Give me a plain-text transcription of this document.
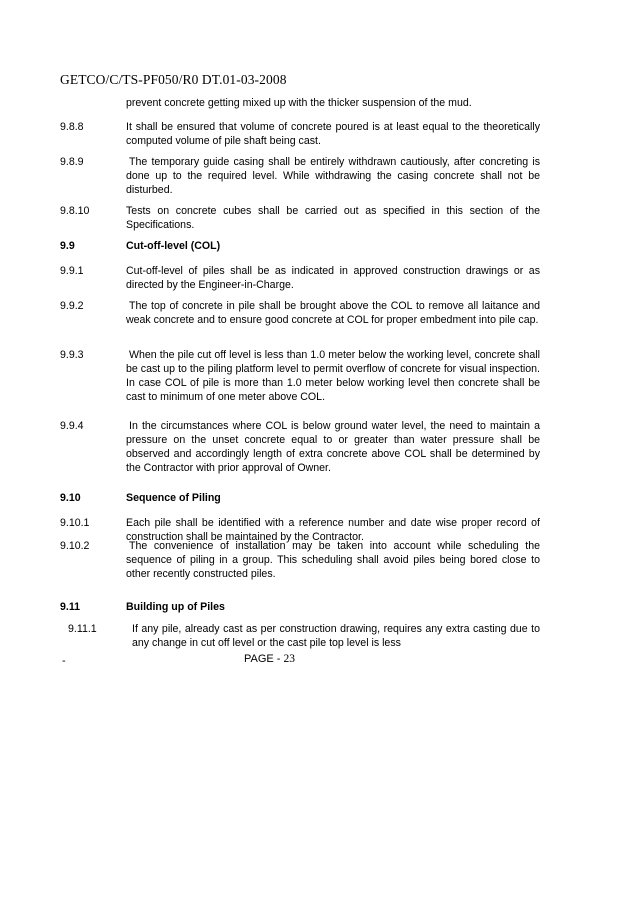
GETCO/C/TS-PF050/R0 DT.01-03-2008
prevent concrete getting mixed up with the thicker suspension of the mud.
9.8.8	It shall be ensured that volume of concrete poured is at least equal to the theoretically computed volume of pile shaft being cast.
9.8.9	The temporary guide casing shall be entirely withdrawn cautiously, after concreting is done up to the required level. While withdrawing the casing concrete shall not be disturbed.
9.8.10	Tests on concrete cubes shall be carried out as specified in this section of the Specifications.
9.9	Cut-off-level (COL)
9.9.1	Cut-off-level of piles shall be as indicated in approved construction drawings or as directed by the Engineer-in-Charge.
9.9.2	The top of concrete in pile shall be brought above the COL to remove all laitance and weak concrete and to ensure good concrete at COL for proper embedment into pile cap.
9.9.3	When the pile cut off level is less than 1.0 meter below the working level, concrete shall be cast up to the piling platform level to permit overflow of concrete for visual inspection. In case COL of pile is more than 1.0 meter below working level then concrete shall be cast to minimum of one meter above COL.
9.9.4	In the circumstances where COL is below ground water level, the need to maintain a pressure on the unset concrete equal to or greater than water pressure shall be observed and accordingly length of extra concrete above COL shall be determined by the Contractor with prior approval of Owner.
9.10	Sequence of Piling
9.10.1	Each pile shall be identified with a reference number and date wise proper record of construction shall be maintained by the Contractor.
9.10.2	The convenience of installation may be taken into account while scheduling the sequence of piling in a group. This scheduling shall avoid piles being bored close to other recently constructed piles.
9.11	Building up of Piles
9.11.1	If any pile, already cast as per construction drawing, requires any extra casting due to any change in cut off level or the cast pile top level is less
-	PAGE - 23
